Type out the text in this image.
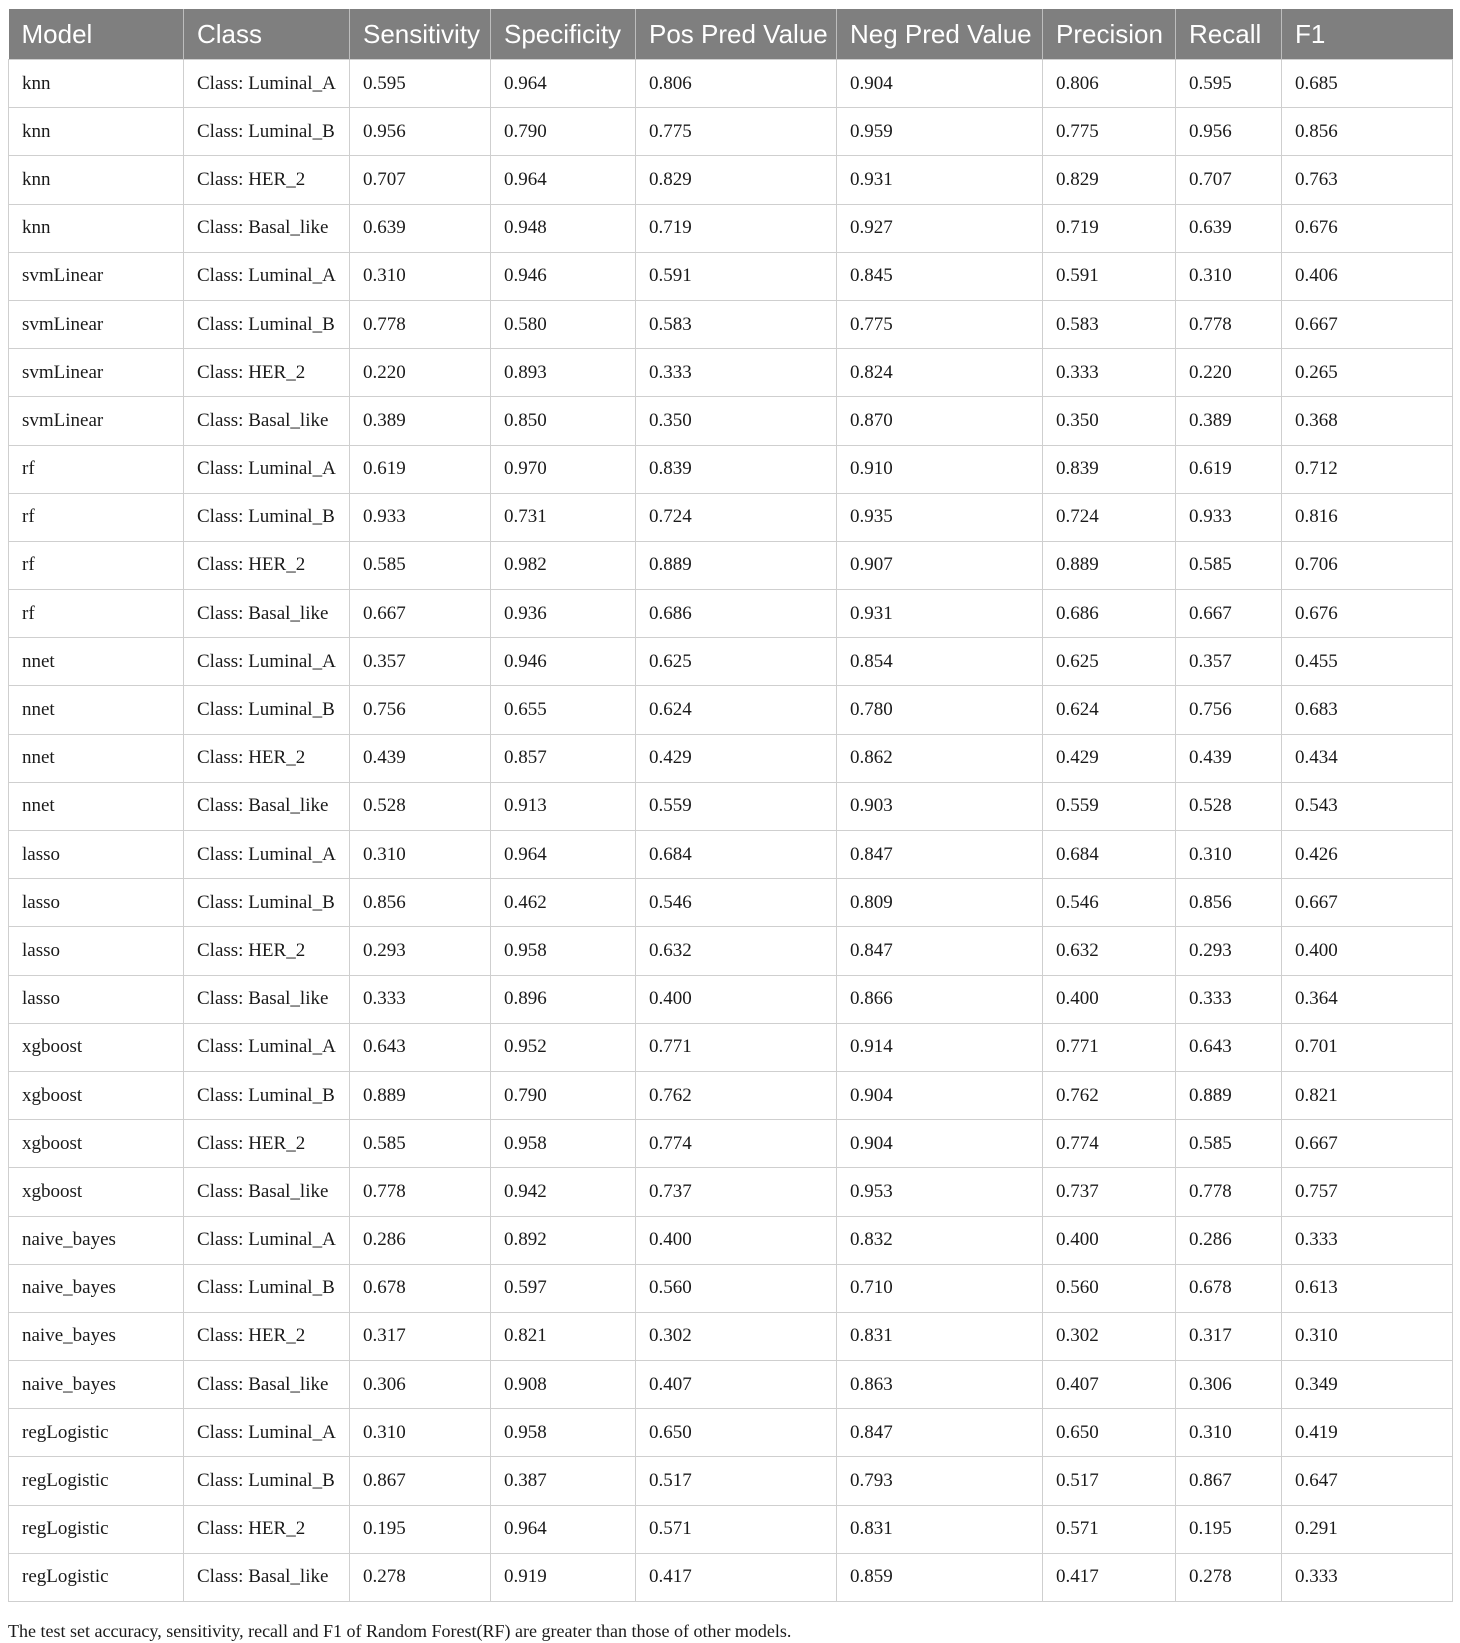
Model	Class	Sensitivity	Specificity	Pos Pred Value	Neg Pred Value	Precision	Recall	F1
knn	Class: Luminal_A	0.595	0.964	0.806	0.904	0.806	0.595	0.685
knn	Class: Luminal_B	0.956	0.790	0.775	0.959	0.775	0.956	0.856
knn	Class: HER_2	0.707	0.964	0.829	0.931	0.829	0.707	0.763
knn	Class: Basal_like	0.639	0.948	0.719	0.927	0.719	0.639	0.676
svmLinear	Class: Luminal_A	0.310	0.946	0.591	0.845	0.591	0.310	0.406
svmLinear	Class: Luminal_B	0.778	0.580	0.583	0.775	0.583	0.778	0.667
svmLinear	Class: HER_2	0.220	0.893	0.333	0.824	0.333	0.220	0.265
svmLinear	Class: Basal_like	0.389	0.850	0.350	0.870	0.350	0.389	0.368
rf	Class: Luminal_A	0.619	0.970	0.839	0.910	0.839	0.619	0.712
rf	Class: Luminal_B	0.933	0.731	0.724	0.935	0.724	0.933	0.816
rf	Class: HER_2	0.585	0.982	0.889	0.907	0.889	0.585	0.706
rf	Class: Basal_like	0.667	0.936	0.686	0.931	0.686	0.667	0.676
nnet	Class: Luminal_A	0.357	0.946	0.625	0.854	0.625	0.357	0.455
nnet	Class: Luminal_B	0.756	0.655	0.624	0.780	0.624	0.756	0.683
nnet	Class: HER_2	0.439	0.857	0.429	0.862	0.429	0.439	0.434
nnet	Class: Basal_like	0.528	0.913	0.559	0.903	0.559	0.528	0.543
lasso	Class: Luminal_A	0.310	0.964	0.684	0.847	0.684	0.310	0.426
lasso	Class: Luminal_B	0.856	0.462	0.546	0.809	0.546	0.856	0.667
lasso	Class: HER_2	0.293	0.958	0.632	0.847	0.632	0.293	0.400
lasso	Class: Basal_like	0.333	0.896	0.400	0.866	0.400	0.333	0.364
xgboost	Class: Luminal_A	0.643	0.952	0.771	0.914	0.771	0.643	0.701
xgboost	Class: Luminal_B	0.889	0.790	0.762	0.904	0.762	0.889	0.821
xgboost	Class: HER_2	0.585	0.958	0.774	0.904	0.774	0.585	0.667
xgboost	Class: Basal_like	0.778	0.942	0.737	0.953	0.737	0.778	0.757
naive_bayes	Class: Luminal_A	0.286	0.892	0.400	0.832	0.400	0.286	0.333
naive_bayes	Class: Luminal_B	0.678	0.597	0.560	0.710	0.560	0.678	0.613
naive_bayes	Class: HER_2	0.317	0.821	0.302	0.831	0.302	0.317	0.310
naive_bayes	Class: Basal_like	0.306	0.908	0.407	0.863	0.407	0.306	0.349
regLogistic	Class: Luminal_A	0.310	0.958	0.650	0.847	0.650	0.310	0.419
regLogistic	Class: Luminal_B	0.867	0.387	0.517	0.793	0.517	0.867	0.647
regLogistic	Class: HER_2	0.195	0.964	0.571	0.831	0.571	0.195	0.291
regLogistic	Class: Basal_like	0.278	0.919	0.417	0.859	0.417	0.278	0.333
The test set accuracy, sensitivity, recall and F1 of Random Forest(RF) are greater than those of other models.
